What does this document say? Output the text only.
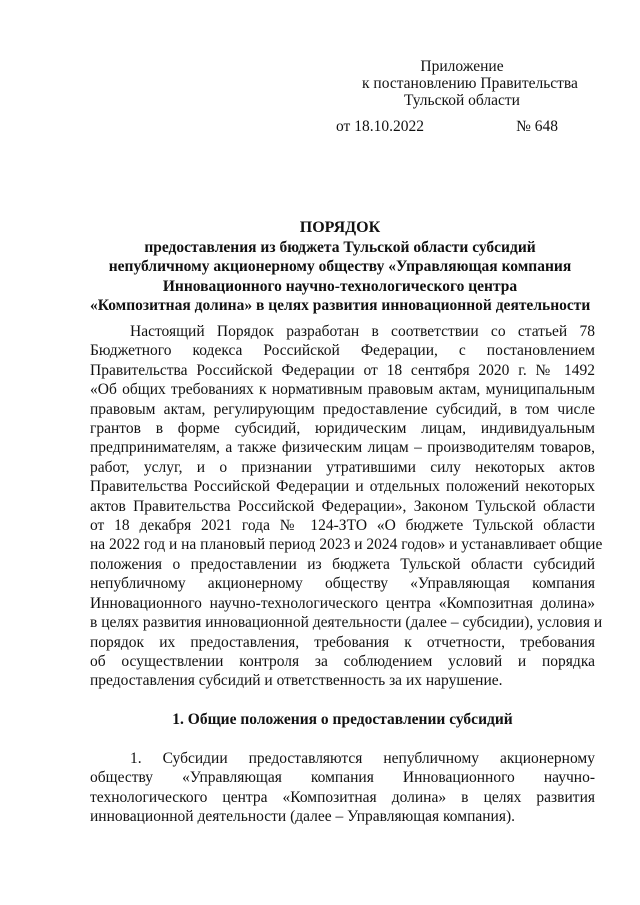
Приложение
к постановлению Правительства
Тульской области
от 18.10.2022	№ 648
ПОРЯДОК
предоставления из бюджета Тульской области субсидий
непубличному акционерному обществу «Управляющая компания
Инновационного научно-технологического центра
«Композитная долина» в целях развития инновационной деятельности
Настоящий Порядок разработан в соответствии со статьей 78
Бюджетного кодекса Российской Федерации, с постановлением
Правительства Российской Федерации от 18 сентября 2020 г. № 1492
«Об общих требованиях к нормативным правовым актам, муниципальным
правовым актам, регулирующим предоставление субсидий, в том числе
грантов в форме субсидий, юридическим лицам, индивидуальным
предпринимателям, а также физическим лицам – производителям товаров,
работ, услуг, и о признании утратившими силу некоторых актов
Правительства Российской Федерации и отдельных положений некоторых
актов Правительства Российской Федерации», Законом Тульской области
от 18 декабря 2021 года № 124-ЗТО «О бюджете Тульской области
на 2022 год и на плановый период 2023 и 2024 годов» и устанавливает общие
положения о предоставлении из бюджета Тульской области субсидий
непубличному акционерному обществу «Управляющая компания
Инновационного научно-технологического центра «Композитная долина»
в целях развития инновационной деятельности (далее – субсидии), условия и
порядок их предоставления, требования к отчетности, требования
об осуществлении контроля за соблюдением условий и порядка
предоставления субсидий и ответственность за их нарушение.
1. Общие положения о предоставлении субсидий
1. Субсидии предоставляются непубличному акционерному
обществу «Управляющая компания Инновационного научно-
технологического центра «Композитная долина» в целях развития
инновационной деятельности (далее – Управляющая компания).
